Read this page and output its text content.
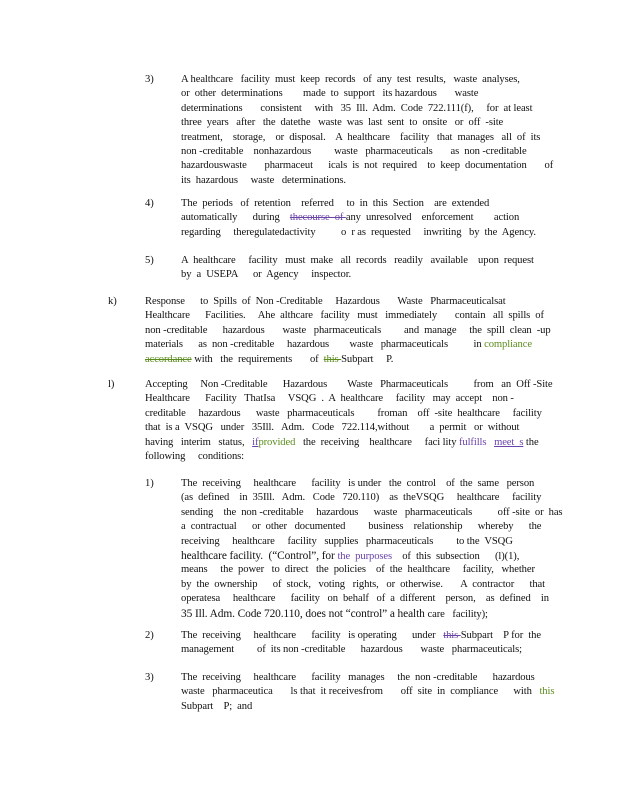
3)	A healthcare   facility  must  keep  records   of  any  test  results,   waste  analyses,
or  other  determinations        made  to  support   its hazardous       waste
determinations       consistent     with   35  Ill.  Adm.  Code  722.111(f),     for  at least
three  years   after   the  datethe   waste  was  last  sent  to  onsite   or  off  -site
treatment,    storage,    or  disposal.    A  healthcare    facility   that  manages   all  of  its
non -creditable    nonhazardous         waste   pharmaceuticals       as  non -creditable
hazardouswaste       pharmaceut      icals  is  not  required    to  keep  documentation       of
its  hazardous     waste   determinations.
4)	The  periods   of  retention    referred     to  in  this  Section    are  extended
automatically      during    thecourse  of any  unresolved    enforcement        action
regarding     theregulatedactivity          o  r as  requested     inwriting   by  the  Agency.
5)	A  healthcare     facility   must  make   all  records   readily   available    upon  request
by  a  USEPA      or  Agency     inspector.
k)	Response      to  Spills  of  Non -Creditable     Hazardous       Waste   Pharmaceuticalsat
Healthcare      Facilities.     Ahe  althcare   facility   must   immediately       contain   all  spills  of
non -creditable      hazardous       waste   pharmaceuticals         and  manage     the  spill  clean  -up
materials      as  non -creditable     hazardous        waste   pharmaceuticals          in compliance
accordance with   the  requirements       of  this Subpart     P.
l)	Accepting     Non -Creditable      Hazardous        Waste   Pharmaceuticals          from   an  Off -Site
Healthcare      Facility   ThatIsa     VSQG  .  A  healthcare     facility   may  accept    non -
creditable     hazardous      waste   pharmaceuticals         froman    off  -site  healthcare     facility
that  is a  VSQG   under   35Ill.   Adm.   Code   722.114,without        a  permit   or  without
having   interim   status,   ifprovided   the  receiving    healthcare     faci lity fulfills meet  s the
following     conditions:
1)	The  receiving     healthcare      facility   is under   the  control    of  the  same   person
(as  defined    in  35Ill.   Adm.   Code   720.110)    as  theVSQG     healthcare     facility
sending    the  non -creditable     hazardous      waste   pharmaceuticals          off -site  or  has
a  contractual      or  other   documented         business    relationship      whereby      the
receiving     healthcare     facility   supplies   pharmaceuticals         to the  VSQG
healthcare facility.  (“Control”, for the  purposes    of  this  subsection      (l)(1),
means     the  power   to  direct   the  policies    of  the  healthcare     facility,   whether
by  the  ownership      of  stock,   voting   rights,   or  otherwise.       A  contractor      that
operatesa     healthcare      facility   on  behalf   of  a  different    person,    as  defined    in
35 Ill. Adm. Code 720.110, does not “control” a health care   facility);
2)	The  receiving     healthcare      facility   is operating      under   this Subpart    P for  the
management         of  its non -creditable      hazardous       waste   pharmaceuticals;
3)	The  receiving     healthcare      facility   manages     the  non -creditable      hazardous
waste   pharmaceutica       ls that  it receivesfrom       off  site  in  compliance      with   this
Subpart    P;  and
